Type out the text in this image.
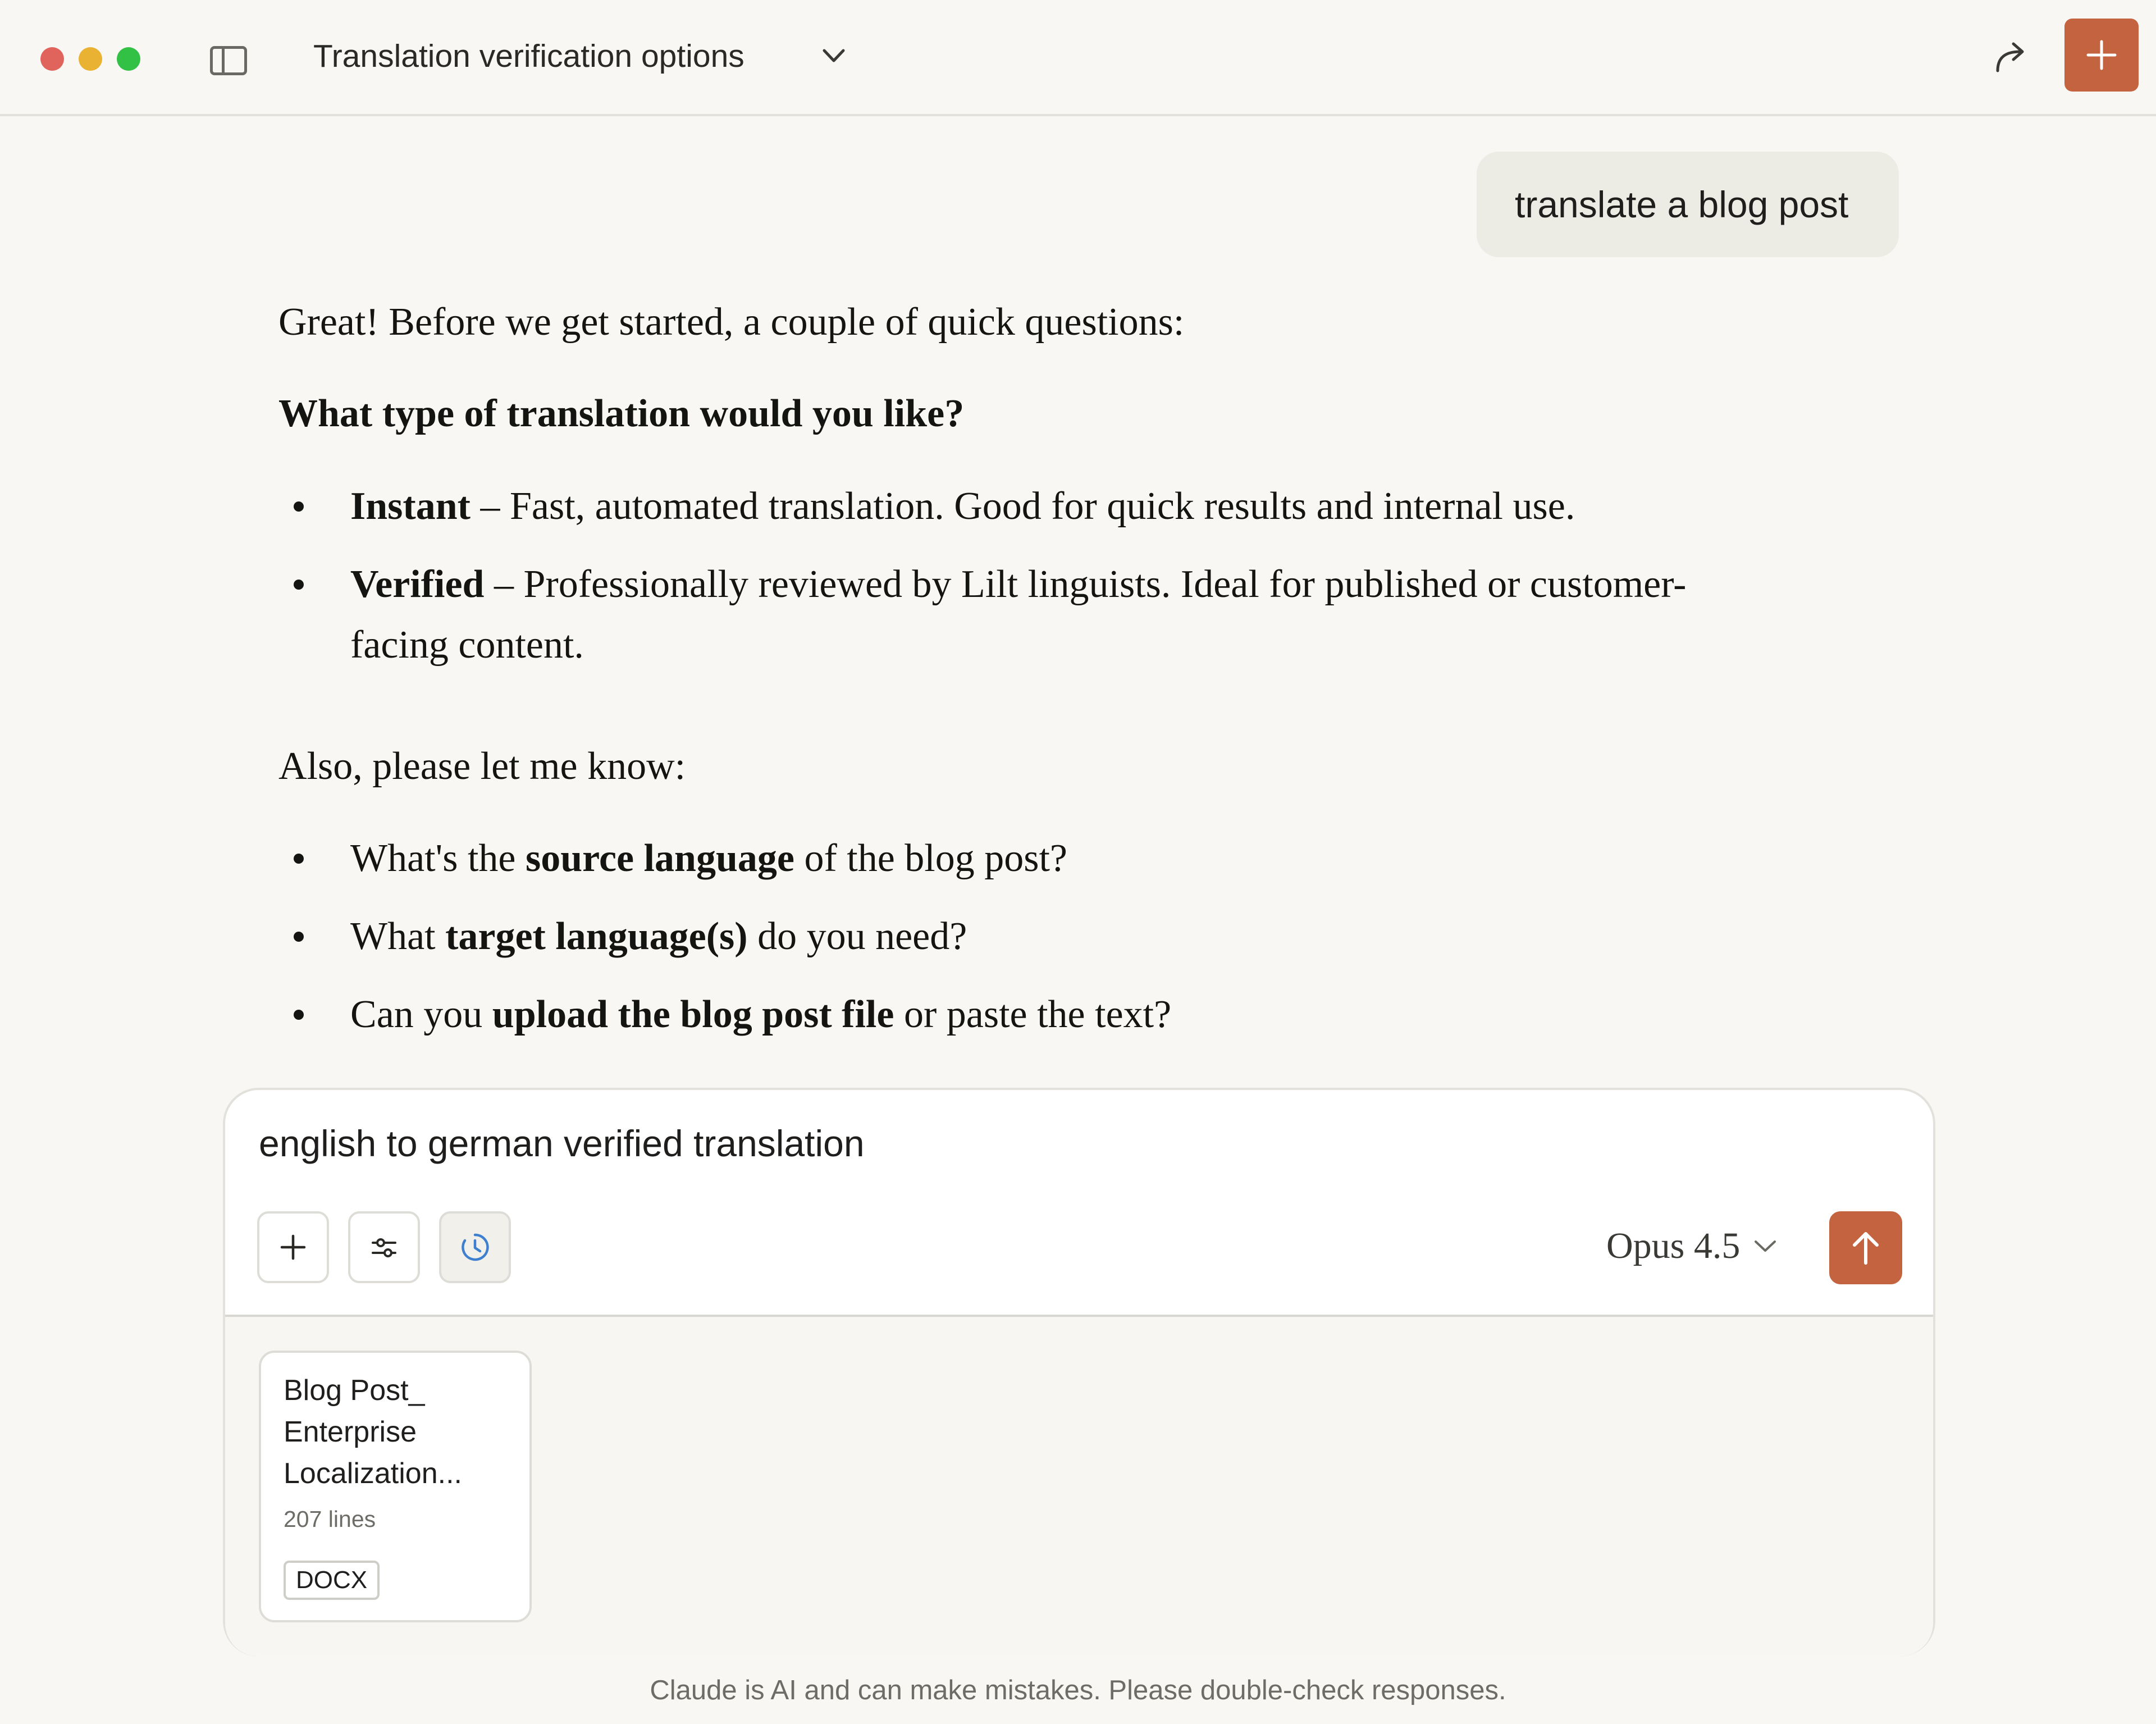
Translation verification options
translate a blog post
Great! Before we get started, a couple of quick questions:
What type of translation would you like?
Instant – Fast, automated translation. Good for quick results and internal use.
Verified – Professionally reviewed by Lilt linguists. Ideal for published or customer-
facing content.
Also, please let me know:
What's the source language of the blog post?
What target language(s) do you need?
Can you upload the blog post file or paste the text?
english to german verified translation
Opus 4.5
Blog Post_
Enterprise
Localization...
207 lines
DOCX
Claude is AI and can make mistakes. Please double-check responses.
